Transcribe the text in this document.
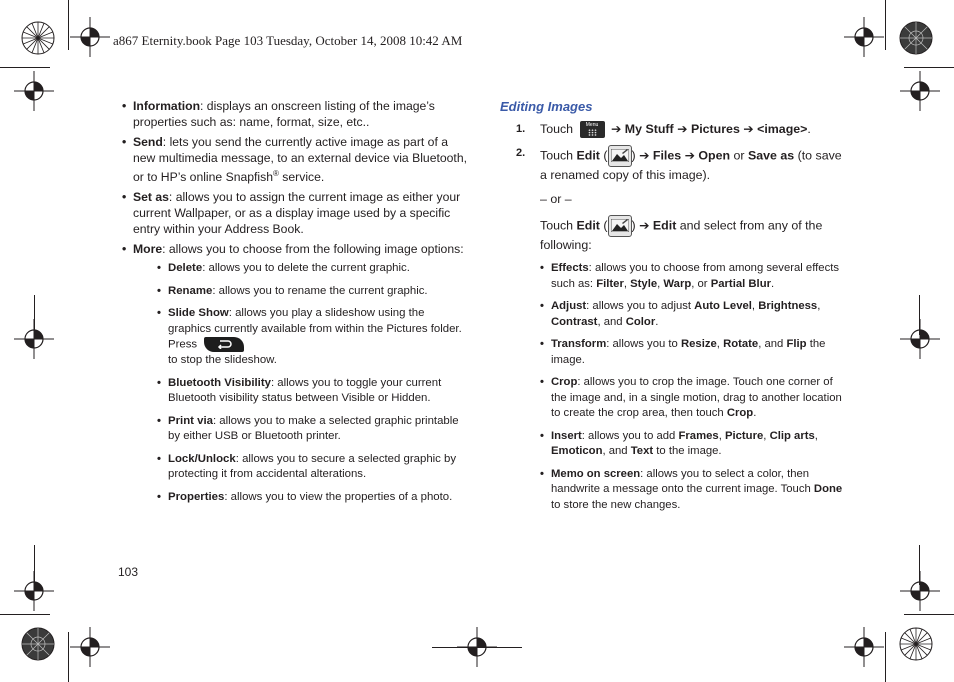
a867 Eternity.book Page 103 Tuesday, October 14, 2008 10:42 AM
• Information: displays an onscreen listing of the image’s properties such as: name, format, size, etc..
• Send: lets you send the currently active image as part of a new multimedia message, to an external device via Bluetooth, or to HP’s online Snapfish® service.
• Set as: allows you to assign the current image as either your current Wallpaper, or as a display image used by a specific entry within your Address Book.
• More: allows you to choose from the following image options:
• Delete: allows you to delete the current graphic.
• Rename: allows you to rename the current graphic.
• Slide Show: allows you play a slideshow using the graphics currently available from within the Pictures folder. Press

to stop the slideshow.
• Bluetooth Visibility: allows you to toggle your current Bluetooth visibility status between Visible or Hidden.
• Print via: allows you to make a selected graphic printable by either USB or Bluetooth printer.
• Lock/Unlock: allows you to secure a selected graphic by protecting it from accidental alterations.
• Properties: allows you to view the properties of a photo.
Editing Images
1. Touch	Menu	➔ My Stuff ➔ Pictures ➔ <image>.
2. Touch Edit ( ) ➔ Files ➔ Open or Save as (to save a renamed copy of this image).
– or –
Touch Edit ( ) ➔ Edit and select from any of the following:
• Effects: allows you to choose from among several effects such as: Filter, Style, Warp, or Partial Blur.
• Adjust: allows you to adjust Auto Level, Brightness, Contrast, and Color.
• Transform: allows you to Resize, Rotate, and Flip the image.
• Crop: allows you to crop the image. Touch one corner of the image and, in a single motion, drag to another location to create the crop area, then touch Crop.
• Insert: allows you to add Frames, Picture, Clip arts, Emoticon, and Text to the image.
• Memo on screen: allows you to select a color, then handwrite a message onto the current image. Touch Done to store the new changes.
103
